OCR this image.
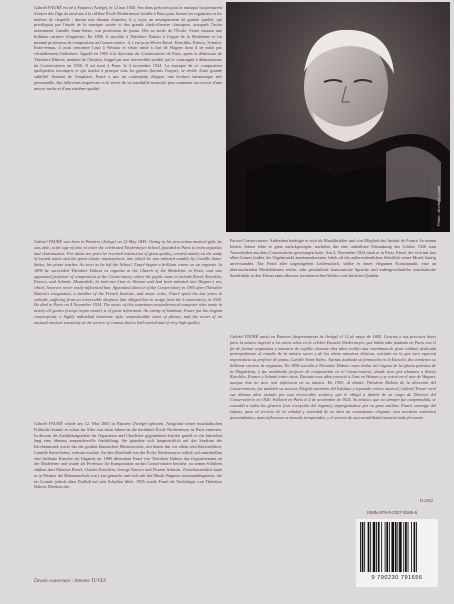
Photo : Archives Lobat

Gabriel FAURÉ est né à Pamiers (Ariège), le 12 mai 1845. Ses dons précoces pour la musique lui permirent d'entrer dès l'âge de neuf ans à la célèbre École Niedermeyer fondée à Paris pour former les organistes et les maîtres de chapelle : durant une dizaine d'années, il y reçut un enseignement de grande qualité, qui privilégiait par l'étude de la musique sacrée et des grands chefs-d'œuvre classiques, auxquels l'initia notamment Camille Saint-Saëns, son professeur de piano. Dès sa sortie de l'École, Fauré entama une brillante carrière d'organiste. En 1896, il succéda à Théodore Dubois à l'orgue de la Madeleine et fut nommé professeur de composition au Conservatoire : il y eut pour élèves Ravel, Koechlin, Enesco, Schmitt. Entre-temps, il avait rencontré Liszt à Weimar et s'était initié à l'art de Wagner dont il ne subit pas véritablement l'influence. Appelé en 1905 à la direction du Conservatoire de Paris, après la démission de Théodore Dubois, membre de l'Institut, frappé par une irréversible surdité qui le contraignit à démissionner du Conservatoire en 1920. Il est mort à Paris, le 4 novembre 1924. La musique de ce compositeur quelquefois incompris et qui toucha à presque tous les genres (hormis l'orgue), se révèle d'une grande subtilité. Ennemi de l'emphase, Fauré a mis un contrepoint élégant, une écriture harmonique très personnelle, des inflexions imprévues et le secret de sa sensibilité musicale peu commune au service d'une œuvre variée et d'une extrême qualité.

Gabriel FAURÉ was born in Pamiers (Ariège) on 12 May 1845. Owing to his precocious musical gifts, he was able, at the age of nine, to enter the celebrated Niedermeyer School, founded in Paris to train organists and choirmasters. For about ten years he received instruction of great quality, centred mainly on the study of sacred music and the great classic masterpieces, into which he was initiated notably by Camille Saint-Saëns, his piano teacher. As soon as he left the School, Fauré began a brilliant career as an organist. In 1896 he succeeded Théodore Dubois as organist at the Church of the Madeleine in Paris, and was appointed professor of composition at the Conservatory, where his pupils came to include Ravel, Koechlin, Enesco, and Schmitt. Meanwhile, he had met Liszt in Weimar and had been initiated into Wagner's art, which, however, never really influenced him. Appointed director of the Conservatory in 1905 after Théodore Dubois's resignation, a member of the French Institute, and music critic, Fauré spent his last years in solitude, suffering from an irreversible deafness that obliged him to resign from the Conservatory in 1920. He died in Paris on 4 November 1924. The music of this sometimes misunderstood composer who wrote in nearly all genres (except organ music) is of great refinement. An enemy of bombast, Fauré put his elegant counterpoint, a highly individual harmonic style, unpredictable turns of phrase, and the secret of an unusual musical sensitivity at the service of a music that is both varied and of very high quality.

Gabriel FAURÉ wurde am 12. Mai 1845 in Pamiers (Ariège) geboren. Aufgrund seiner musikalischen Frühreife konnte er schon im Alter von neun Jahren in die berühmte École Niedermeyer in Paris eintreten. In diesem als Ausbildungsstätte für Organisten und Chorleiter gegründeten Institut genoß er ein Jahrzehnt lang eine überaus anspruchsvolle Ausbildung. Sie gründete sich hauptsächlich auf das Studium der Kirchenmusik sowie das der großen klassischen Meisterwerke, mit denen ihn vor allem sein Klavierlehrer, Camille Saint-Saëns, vertraut machte. An den Abschluß von der École Niedermeyer schloß sich unmittelbar eine brillante Karriere als Organist an. 1896 übernahm Fauré von Théodore Dubois das Organistenamt an der Madeleine und wurde als Professor für Komposition an das Conservatoire berufen: zu seinen Schülern zählten dort Maurice Ravel, Charles Koechlin, George Enesco und Florent Schmitt. Zwischenzeitlich hatte er in Weimar die Bekanntschaft von Liszt gemacht und sich mit der Musik Wagners auseinandergesetzt, die im Grunde jedoch ohne Einfluß auf sein Schaffen blieb. 1905 wurde Fauré als Nachfolger von Théodore Dubois Direktor des

Pariser Conservatoire. Außerdem betätigte er sich als Musikkritiker und war Mitglied des Institut de France. In seinen letzten Jahren lebte er ganz zurückgezogen, nachdem ihn eine unheilbare Erkrankung des Gehörs 1920 zum Ausscheiden aus dem Conservatoire gezwungen hatte. Am 4. November 1924 starb er in Paris. Fauré, der sich mit fast allen Genres (außer der Orgelmusik) auseinandersetzte, blieb oft der außerordentlichen Subtilität seiner Musik häufig unverstanden. Ein Feind aller ungezügelten Leidenschaft, stellte er einen eleganten Kontrapunkt, eine an überraschenden Modulationen reiche, sehr persönliche harmonische Sprache und außergewöhnliche musikalische Sensibilität in den Dienst eines überaus facettenreichen Werkes von höchster Qualität.

Gabriel FAURÉ nació en Pamiers (departamento de Ariège) el 12 de mayo de 1845. Gracias a sus precoces dotes para la música ingresó a los nueve años en la célebre Escuela Niedermeyer, que había sido fundada en París con el fin de formar organistas y maestros de capilla: durante diez años recibió una enseñanza de gran calidad, dedicada principalmente al estudio de la música sacra y de las obras maestras clásicas, iniciado en la que tuvo especial importancia su profesor de piano, Camille Saint-Saëns. Apenas acabada su formación en la Escuela, dio comienzo su brillante carrera de organista. En 1896 sucedió a Théodore Dubois como titular del órgano de la iglesia parisina de la Magdalena, y fue nombrado profesor de composición en el Conservatorio, donde tuvo por alumnos a Ravel, Koechlin, Enesco y Schmitt entre otros. Durante esos años conoció a Liszt en Weimar y se inició en el arte de Wagner, aunque éste no tuvo real influencia en su música. En 1905, al dimitir Théodore Dubois de la dirección del Conservatorio, fue también su sucesor. Elegido miembro del Instituto y reputado crítico musical, Gabriel Fauré vivió sus últimos años aislado por una irreversible sordera, que le obligó a dimitir de su cargo de Director del Conservatorio en 1920. Falleció en París el 4 de noviembre de 1924. Su música, que no siempre fue comprendida, se extendió a todos los géneros (con excepción del órgano), impregnándose por su gran sutileza. Fauré, enemigo del énfasis, puso al servicio de la calidad y variedad de su obra un contrapunto elegante, una escritura armónica personalísima, unas inflexiones a menudo inesperadas, y el secreto de una sensibilidad musical nada frecuente.

D.2002
ISMN-979-0-2307-9165-6
9 790230 791656
Dessin couverture : Annette TUVES
